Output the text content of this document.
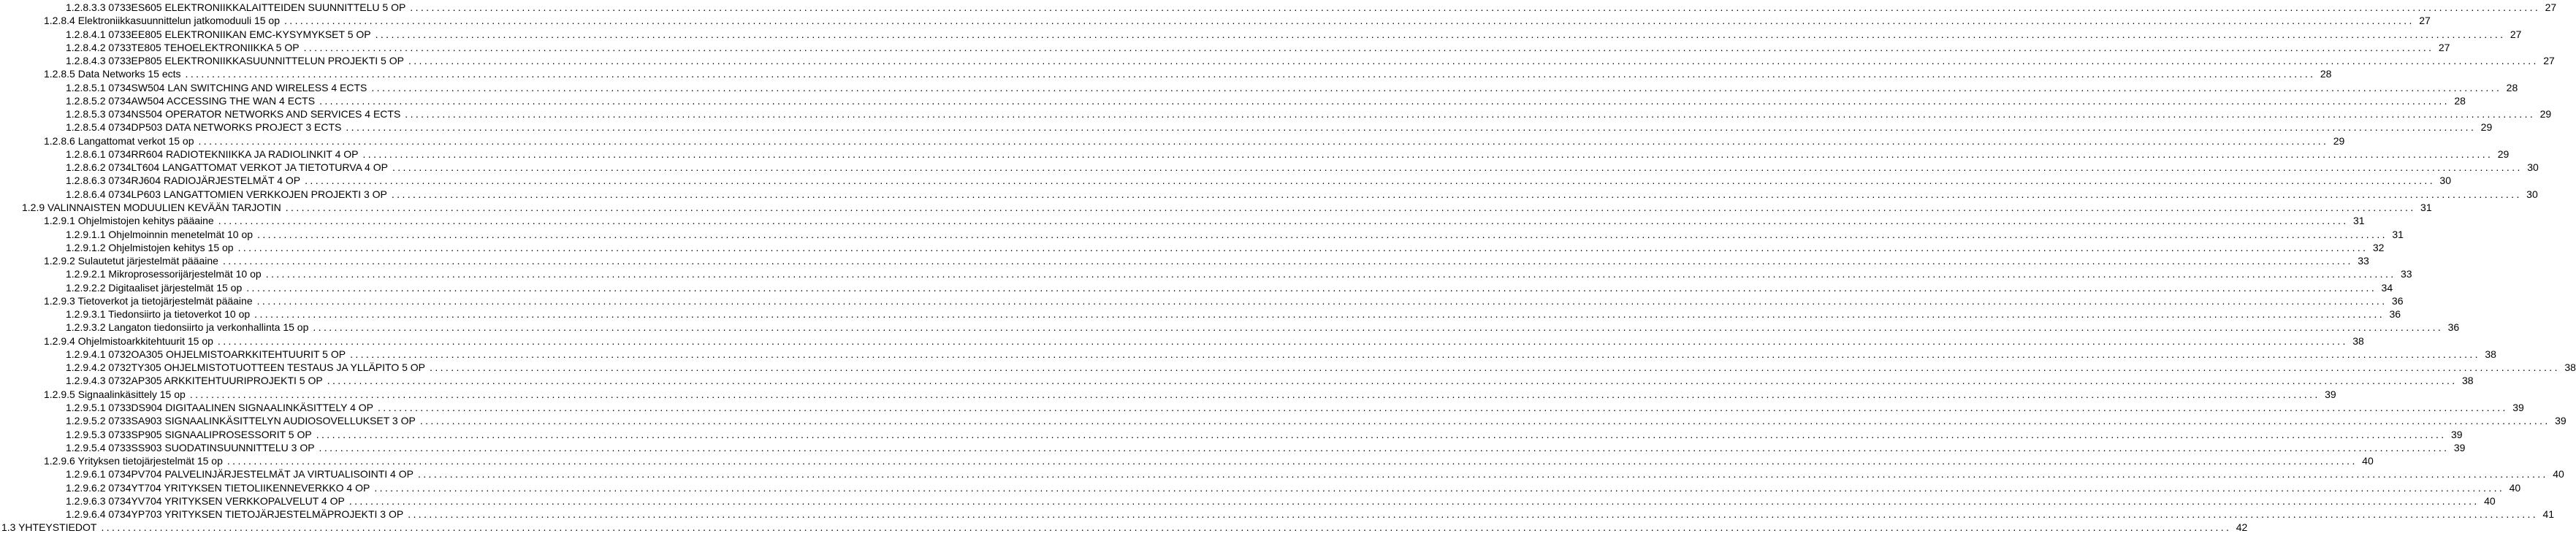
1.2.8.3.3 0733ES605 ELEKTRONIIKKALAITTEIDEN SUUNNITTELU 5 OP ................................................................................................................................................................................................................................................................................................................................................................................................................ 27
1.2.8.4 Elektroniikkasuunnittelun jatkomoduuli 15 op ................................................................................................................................................................................................................................................................................................................................................................................................................ 27
1.2.8.4.1 0733EE805 ELEKTRONIIKAN EMC-KYSYMYKSET 5 OP ................................................................................................................................................................................................................................................................................................................................................................................................................ 27
1.2.8.4.2 0733TE805 TEHOELEKTRONIIKKA 5 OP ................................................................................................................................................................................................................................................................................................................................................................................................................ 27
1.2.8.4.3 0733EP805 ELEKTRONIIKKASUUNNITTELUN PROJEKTI 5 OP ................................................................................................................................................................................................................................................................................................................................................................................................................ 27
1.2.8.5 Data Networks 15 ects ................................................................................................................................................................................................................................................................................................................................................................................................................ 28
1.2.8.5.1 0734SW504 LAN SWITCHING AND WIRELESS 4 ECTS ................................................................................................................................................................................................................................................................................................................................................................................................................ 28
1.2.8.5.2 0734AW504 ACCESSING THE WAN 4 ECTS ................................................................................................................................................................................................................................................................................................................................................................................................................ 28
1.2.8.5.3 0734NS504 OPERATOR NETWORKS AND SERVICES 4 ECTS ................................................................................................................................................................................................................................................................................................................................................................................................................ 29
1.2.8.5.4 0734DP503 DATA NETWORKS PROJECT 3 ECTS ................................................................................................................................................................................................................................................................................................................................................................................................................ 29
1.2.8.6 Langattomat verkot 15 op ................................................................................................................................................................................................................................................................................................................................................................................................................ 29
1.2.8.6.1 0734RR604 RADIOTEKNIIKKA JA RADIOLINKIT 4 OP ................................................................................................................................................................................................................................................................................................................................................................................................................ 29
1.2.8.6.2 0734LT604 LANGATTOMAT VERKOT JA TIETOTURVA 4 OP ................................................................................................................................................................................................................................................................................................................................................................................................................ 30
1.2.8.6.3 0734RJ604 RADIOJÄRJESTELMÄT 4 OP ................................................................................................................................................................................................................................................................................................................................................................................................................ 30
1.2.8.6.4 0734LP603 LANGATTOMIEN VERKKOJEN PROJEKTI 3 OP ................................................................................................................................................................................................................................................................................................................................................................................................................ 30
1.2.9 VALINNAISTEN MODUULIEN KEVÄÄN TARJOTIN ................................................................................................................................................................................................................................................................................................................................................................................................................ 31
1.2.9.1 Ohjelmistojen kehitys pääaine ................................................................................................................................................................................................................................................................................................................................................................................................................ 31
1.2.9.1.1 Ohjelmoinnin menetelmät 10 op ................................................................................................................................................................................................................................................................................................................................................................................................................ 31
1.2.9.1.2 Ohjelmistojen kehitys 15 op ................................................................................................................................................................................................................................................................................................................................................................................................................ 32
1.2.9.2 Sulautetut järjestelmät pääaine ................................................................................................................................................................................................................................................................................................................................................................................................................ 33
1.2.9.2.1 Mikroprosessorijärjestelmät 10 op ................................................................................................................................................................................................................................................................................................................................................................................................................ 33
1.2.9.2.2 Digitaaliset järjestelmät 15 op ................................................................................................................................................................................................................................................................................................................................................................................................................ 34
1.2.9.3 Tietoverkot ja tietojärjestelmät pääaine ................................................................................................................................................................................................................................................................................................................................................................................................................ 36
1.2.9.3.1 Tiedonsiirto ja tietoverkot 10 op ................................................................................................................................................................................................................................................................................................................................................................................................................ 36
1.2.9.3.2 Langaton tiedonsiirto ja verkonhallinta 15 op ................................................................................................................................................................................................................................................................................................................................................................................................................ 36
1.2.9.4 Ohjelmistoarkkitehtuurit 15 op ................................................................................................................................................................................................................................................................................................................................................................................................................ 38
1.2.9.4.1 0732OA305 OHJELMISTOARKKITEHTUURIT 5 OP ................................................................................................................................................................................................................................................................................................................................................................................................................ 38
1.2.9.4.2 0732TY305 OHJELMISTOTUOTTEEN TESTAUS JA YLLÄPITO 5 OP ................................................................................................................................................................................................................................................................................................................................................................................................................ 38
1.2.9.4.3 0732AP305 ARKKITEHTUURIPROJEKTI 5 OP ................................................................................................................................................................................................................................................................................................................................................................................................................ 38
1.2.9.5 Signaalinkäsittely 15 op ................................................................................................................................................................................................................................................................................................................................................................................................................ 39
1.2.9.5.1 0733DS904 DIGITAALINEN SIGNAALINKÄSITTELY 4 OP ................................................................................................................................................................................................................................................................................................................................................................................................................ 39
1.2.9.5.2 0733SA903 SIGNAALINKÄSITTELYN AUDIOSOVELLUKSET 3 OP ................................................................................................................................................................................................................................................................................................................................................................................................................ 39
1.2.9.5.3 0733SP905 SIGNAALIPROSESSORIT 5 OP ................................................................................................................................................................................................................................................................................................................................................................................................................ 39
1.2.9.5.4 0733SS903 SUODATINSUUNNITTELU 3 OP ................................................................................................................................................................................................................................................................................................................................................................................................................ 39
1.2.9.6 Yrityksen tietojärjestelmät 15 op ................................................................................................................................................................................................................................................................................................................................................................................................................ 40
1.2.9.6.1 0734PV704 PALVELINJÄRJESTELMÄT JA VIRTUALISOINTI 4 OP ................................................................................................................................................................................................................................................................................................................................................................................................................ 40
1.2.9.6.2 0734YT704 YRITYKSEN TIETOLIIKENNEVERKKO 4 OP ................................................................................................................................................................................................................................................................................................................................................................................................................ 40
1.2.9.6.3 0734YV704 YRITYKSEN VERKKOPALVELUT 4 OP ................................................................................................................................................................................................................................................................................................................................................................................................................ 40
1.2.9.6.4 0734YP703 YRITYKSEN TIETOJÄRJESTELMÄPROJEKTI 3 OP ................................................................................................................................................................................................................................................................................................................................................................................................................ 41
1.3 YHTEYSTIEDOT ................................................................................................................................................................................................................................................................................................................................................................................................................ 42
